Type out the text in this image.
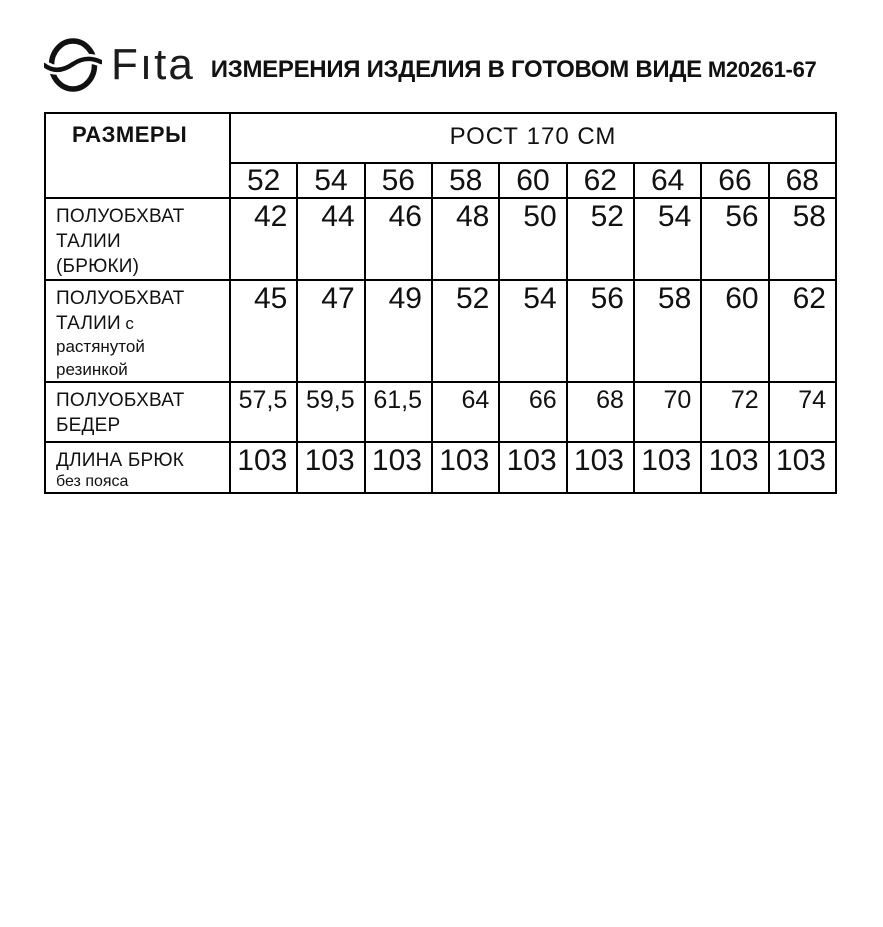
Fıta ИЗМЕРЕНИЯ ИЗДЕЛИЯ В ГОТОВОМ ВИДЕ М20261-67
РАЗМЕРЫ	РОСТ 170 СМ								
	52	54	56	58	60	62	64	66	68

ПОЛУОБХВАТ ТАЛИИ (БРЮКИ)	42	44	46	48	50	52	54	56	58

ПОЛУОБХВАТ ТАЛИИ с растянутой резинкой	45	47	49	52	54	56	58	60	62

ПОЛУОБХВАТ БЕДЕР	57,5	59,5	61,5	64	66	68	70	72	74

ДЛИНА БРЮК
без пояса	103	103	103	103	103	103	103	103	103
